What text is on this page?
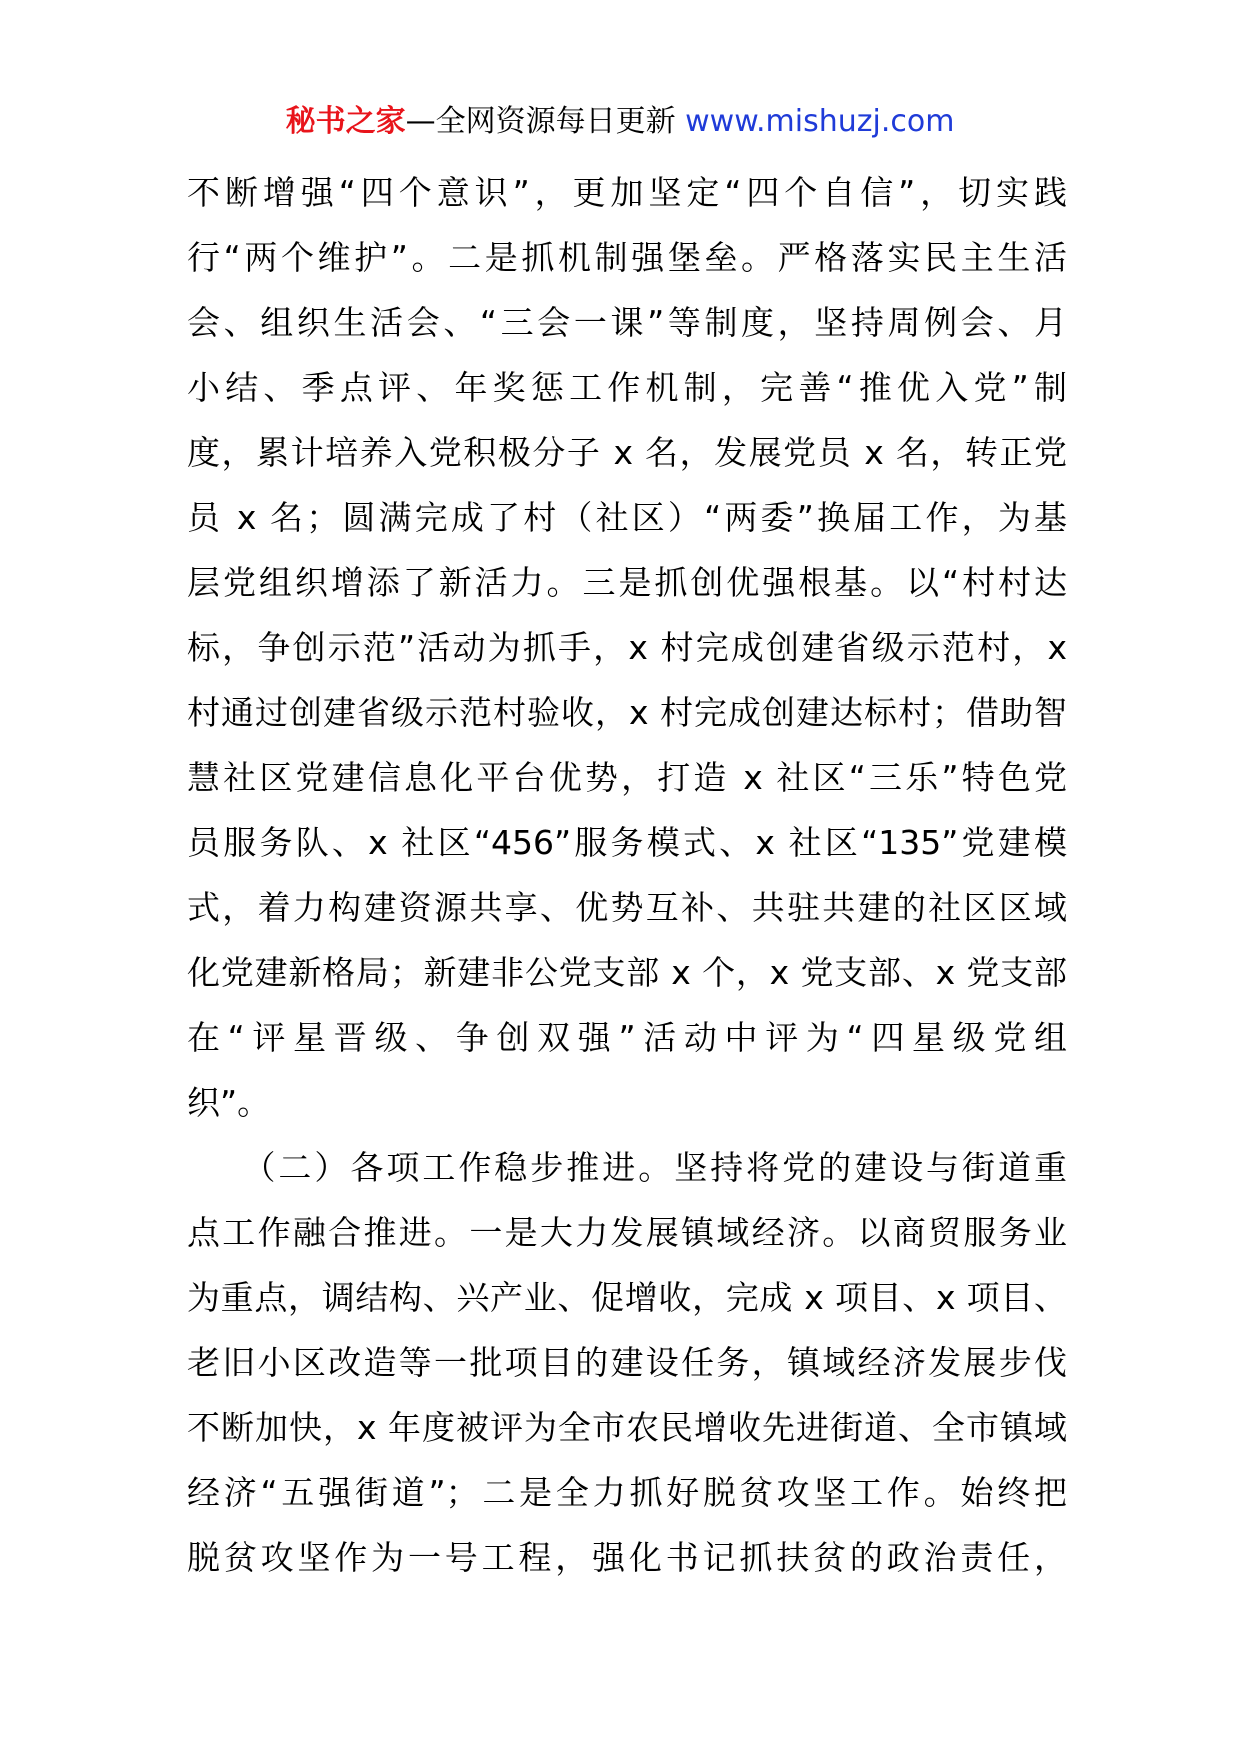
秘书之家—全网资源每日更新 www.mishuzj.com
不断增强“四个意识”，更加坚定“四个自信”，切实践
行“两个维护”。二是抓机制强堡垒。严格落实民主生活
会、组织生活会、“三会一课”等制度，坚持周例会、月
小结、季点评、年奖惩工作机制，完善“推优入党”制
度，累计培养入党积极分子 x 名，发展党员 x 名，转正党
员 x 名；圆满完成了村（社区）“两委”换届工作，为基
层党组织增添了新活力。三是抓创优强根基。以“村村达
标，争创示范”活动为抓手，x 村完成创建省级示范村，x
村通过创建省级示范村验收，x 村完成创建达标村；借助智
慧社区党建信息化平台优势，打造 x 社区“三乐”特色党
员服务队、x 社区“456”服务模式、x 社区“135”党建模
式，着力构建资源共享、优势互补、共驻共建的社区区域
化党建新格局；新建非公党支部 x 个，x 党支部、x 党支部
在“评星晋级、争创双强”活动中评为“四星级党组
织”。
　　（二）各项工作稳步推进。坚持将党的建设与街道重
点工作融合推进。一是大力发展镇域经济。以商贸服务业
为重点，调结构、兴产业、促增收，完成 x 项目、x 项目、
老旧小区改造等一批项目的建设任务，镇域经济发展步伐
不断加快，x 年度被评为全市农民增收先进街道、全市镇域
经济“五强街道”；二是全力抓好脱贫攻坚工作。始终把
脱贫攻坚作为一号工程，强化书记抓扶贫的政治责任，
